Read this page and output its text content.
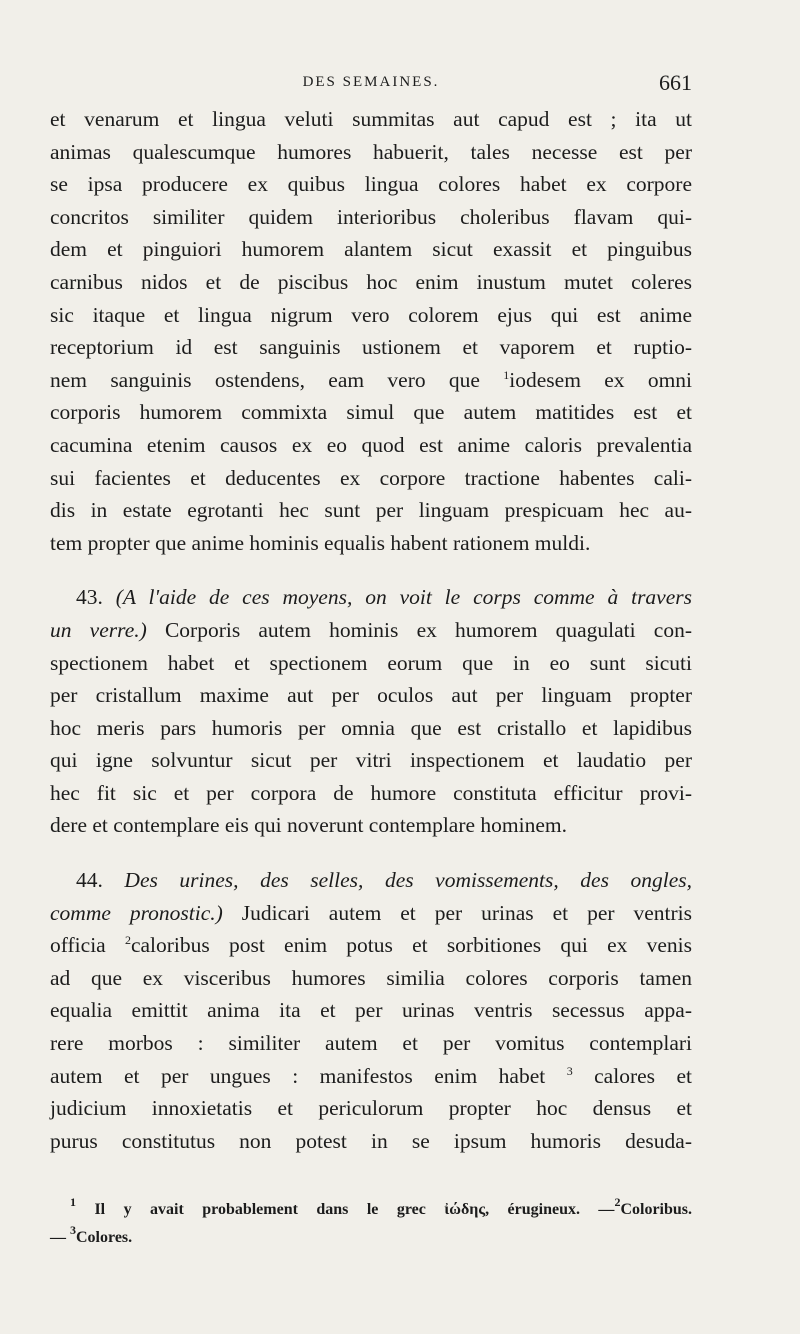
DES SEMAINES.	661
et venarum et lingua veluti summitas aut capud est ; ita ut
animas qualescumque humores habuerit, tales necesse est per
se ipsa producere ex quibus lingua colores habet ex corpore
concritos similiter quidem interioribus choleribus flavam qui-
dem et pinguiori humorem alantem sicut exassit et pinguibus
carnibus nidos et de piscibus hoc enim inustum mutet coleres
sic itaque et lingua nigrum vero colorem ejus qui est anime
receptorium id est sanguinis ustionem et vaporem et ruptio-
nem sanguinis ostendens, eam vero que $^1$iodesem ex omni
corporis humorem commixta simul que autem matitides est et
cacumina etenim causos ex eo quod est anime caloris prevalentia
sui facientes et deducentes ex corpore tractione habentes cali-
dis in estate egrotanti hec sunt per linguam prespicuam hec au-
tem propter que anime hominis equalis habent rationem muldi.
43. (A l'aide de ces moyens, on voit le corps comme à travers
un verre.) Corporis autem hominis ex humorem quagulati con-
spectionem habet et spectionem eorum que in eo sunt sicuti
per cristallum maxime aut per oculos aut per linguam propter
hoc meris pars humoris per omnia que est cristallo et lapidibus
qui igne solvuntur sicut per vitri inspectionem et laudatio per
hec fit sic et per corpora de humore constituta efficitur provi-
dere et contemplare eis qui noverunt contemplare hominem.
44. Des urines, des selles, des vomissements, des ongles,
comme pronostic.) Judicari autem et per urinas et per ventris
officia $^2$caloribus post enim potus et sorbitiones qui ex venis
ad que ex visceribus humores similia colores corporis tamen
equalia emittit anima ita et per urinas ventris secessus appa-
rere morbos : similiter autem et per vomitus contemplari
autem et per ungues : manifestos enim habet $^3$ calores et
judicium innoxietatis et periculorum propter hoc densus et
purus constitutus non potest in se ipsum humoris desuda-
$^1$ Il y avait probablement dans le grec ἰώδης, érugineux. —$^2$Coloribus.
— $^3$Colores.
